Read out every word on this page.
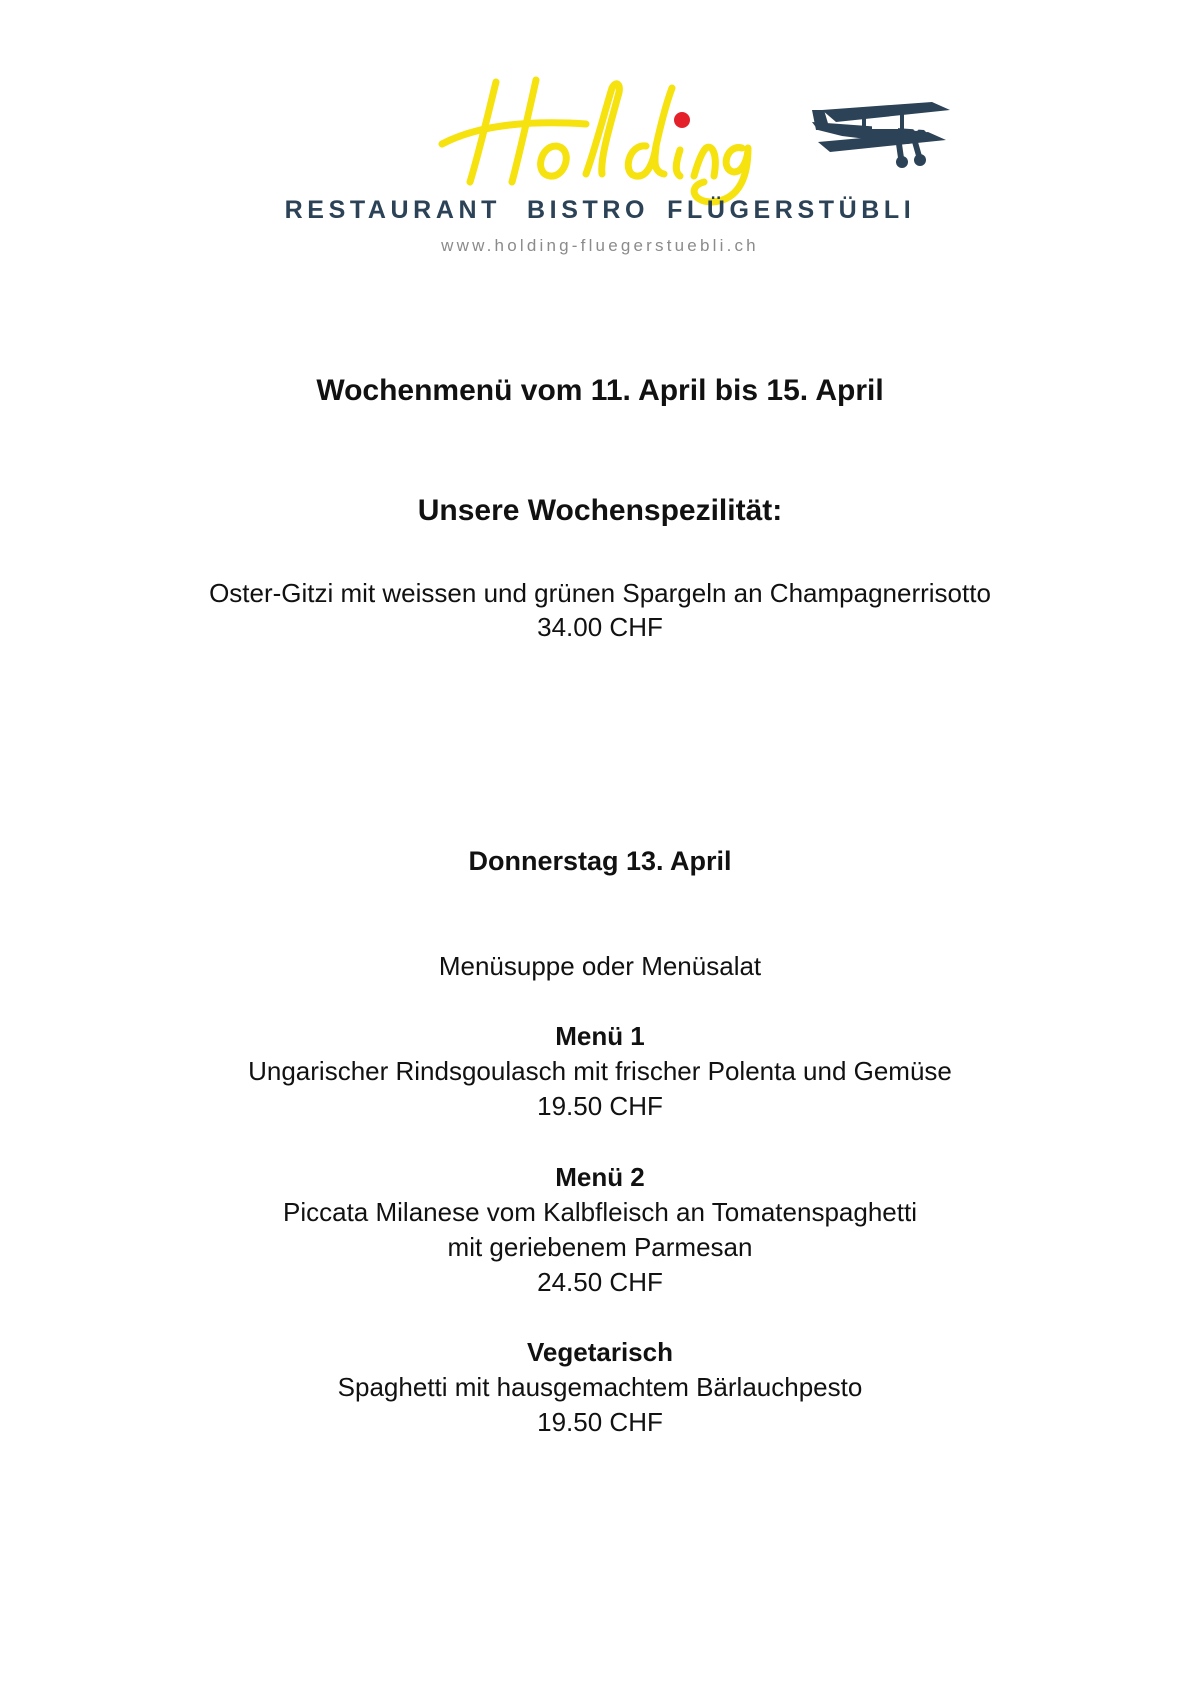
RESTAURANT BISTRO FLÜGERSTÜBLI
www.holding-fluegerstuebli.ch
Wochenmenü vom 11. April bis 15. April
Unsere Wochenspezilität:
Oster-Gitzi mit weissen und grünen Spargeln an Champagnerrisotto
34.00 CHF
Donnerstag 13. April
Menüsuppe oder Menüsalat
Menü 1
Ungarischer Rindsgoulasch mit frischer Polenta und Gemüse
19.50 CHF
Menü 2
Piccata Milanese vom Kalbfleisch an Tomatenspaghetti
mit geriebenem Parmesan
24.50 CHF
Vegetarisch
Spaghetti mit hausgemachtem Bärlauchpesto
19.50 CHF
